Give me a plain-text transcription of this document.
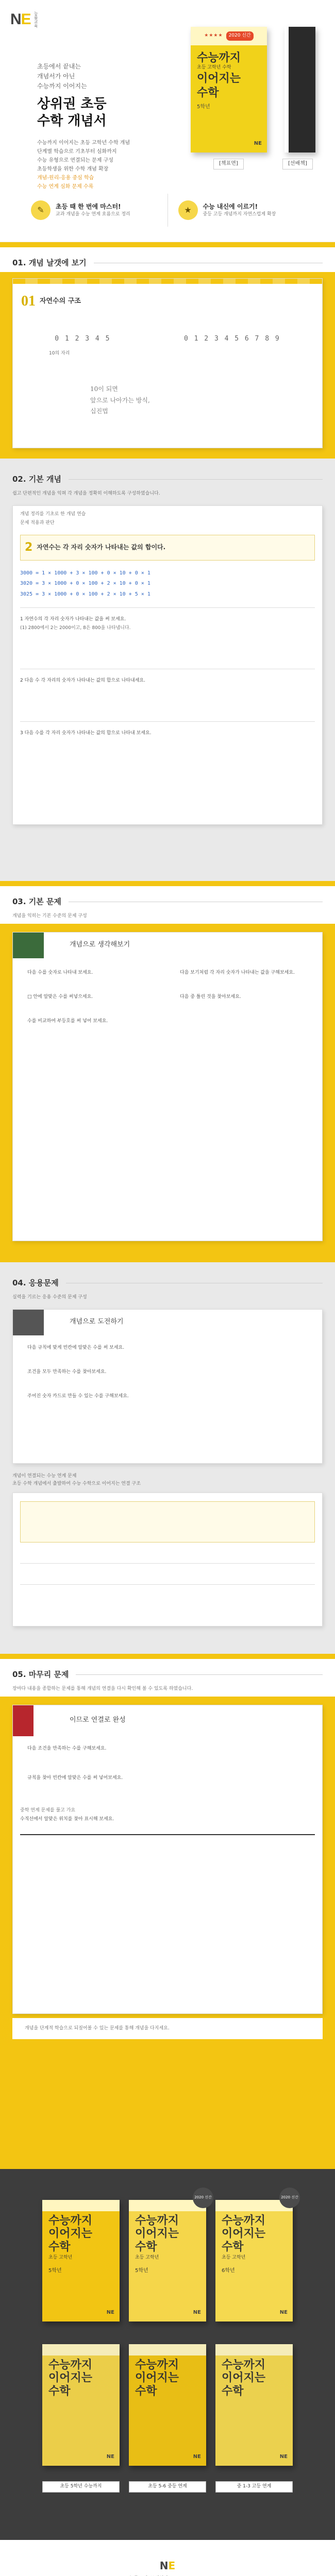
NE 능률교육
초등에서 끝내는
개념서가 아닌
수능까지 이어지는
상위권 초등
수학 개념서
수능까지 이어지는 초등 고학년 수학 개념
단계별 학습으로 기초부터 심화까지
수능 유형으로 연결되는 문제 구성
초등학생을 위한 수학 개념 확장
개념-원리-응용 중심 학습
수능 연계 심화 문제 수록
★★★★	2020 신간
수능까지
초등 고학년 수학
이어지는
수학
5학년
NE
[책표면]	[선배책]
✎	초등 때 한 번에 마스터!
교과 개념을 수능 연계 흐름으로 정리	★	수능 내신에 이르기!
중등 고등 개념까지 자연스럽게 확장
01. 개념 날갯에 보기
01 자연수의 구조
0 1 2 3 4 5	0 1 2 3 4 5 6 7 8 9
10의 자리
10이 되면
앞으로 나아가는 방식,
십진법
02. 기본 개념
쉽고 단편적인 개념을 익혀 각 개념을 정확히 이해하도록 구성하였습니다.
개념 정리를 기초로 한 개념 연습
문제 적용과 판단
2 자연수는 각 자리 숫자가 나타내는 값의 합이다.
3000 = 1 × 1000 + 3 × 100 + 0 × 10 + 0 × 1
3020 = 3 × 1000 + 0 × 100 + 2 × 10 + 0 × 1
3025 = 3 × 1000 + 0 × 100 + 2 × 10 + 5 × 1
1 자연수의 각 자리 숫자가 나타내는 값을 써 보세요.
(1) 2800에서 2는 2000이고, 8은 800을 나타냅니다.
2 다음 수 각 자리의 숫자가 나타내는 값의 합으로 나타내세요.
3 다음 수를 각 자리 숫자가 나타내는 값의 합으로 나타내 보세요.
03. 기본 문제
개념을 익히는 기본 수준의 문제 구성
개념으로 생각해보기
다음 수를 숫자로 나타내 보세요.	다음 보기처럼 각 자리 숫자가 나타내는 값을 구해보세요.
□ 안에 알맞은 수를 써넣으세요.	다음 중 틀린 것을 찾아보세요.
수를 비교하여 부등호를 써 넣어 보세요.
04. 응용문제
실력을 기르는 응용 수준의 문제 구성
개념으로 도전하기
다음 규칙에 맞게 빈칸에 알맞은 수를 써 보세요.
조건을 모두 만족하는 수를 찾아보세요.
주어진 숫자 카드로 만들 수 있는 수를 구해보세요.
개념이 연결되는 수능 연계 문제
초등 수학 개념에서 출발하여 수능 수학으로 이어지는 연결 구조
05. 마무리 문제
장마다 내용을 종합하는 문제를 통해 개념의 연결을 다시 확인해 볼 수 있도록 하였습니다.
이므로 연결로 완성
다음 조건을 만족하는 수를 구해보세요.
규칙을 찾아 빈칸에 알맞은 수를 써 넣어보세요.
중학 연계 문제를 풀고 가요
수직선에서 알맞은 위치를 찾아 표시해 보세요.
개념을 단계적 학습으로 되짚어볼 수 있는 문제를 통해 개념을 다지세요.
수능까지
이어지는
수학
초등 고학년
5학년
NE
2020 신간
수능까지
이어지는
수학
초등 고학년
5학년
NE
2020 신간
수능까지
이어지는
수학
초등 고학년
6학년
NE
수능까지
이어지는
수학
NE
수능까지
이어지는
수학
NE
수능까지
이어지는
수학
NE
초등 5학년 수능까지	초등 5-6 중등 연계	중 1-3 고등 연계
NE
